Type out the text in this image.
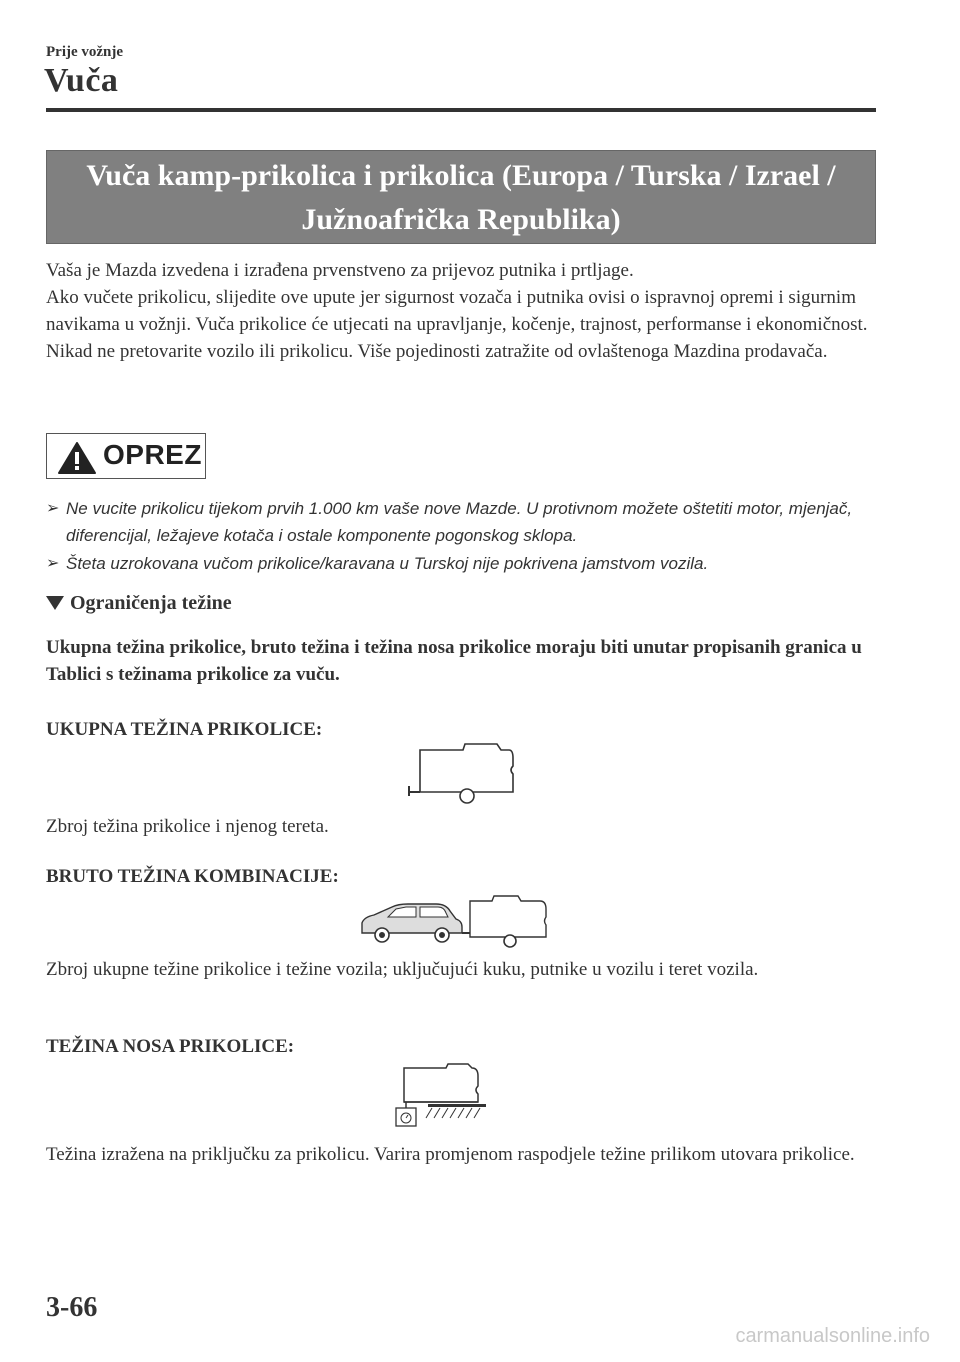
Prije vožnje
Vuča
Vuča kamp-prikolica i prikolica (Europa / Turska / Izrael /
Južnoafrička Republika)
Vaša je Mazda izvedena i izrađena prvenstveno za prijevoz putnika i prtljage.
Ako vučete prikolicu, slijedite ove upute jer sigurnost vozača i putnika ovisi o ispravnoj opremi i sigurnim navikama u vožnji. Vuča prikolice će utjecati na upravljanje, kočenje, trajnost, performanse i ekonomičnost.
Nikad ne pretovarite vozilo ili prikolicu. Više pojedinosti zatražite od ovlaštenoga Mazdina prodavača.
OPREZ
➢ Ne vucite prikolicu tijekom prvih 1.000 km vaše nove Mazde. U protivnom možete oštetiti motor, mjenjač, diferencijal, ležajeve kotača i ostale komponente pogonskog sklopa.
➢ Šteta uzrokovana vučom prikolice/karavana u Turskoj nije pokrivena jamstvom vozila.
Ograničenja težine
Ukupna težina prikolice, bruto težina i težina nosa prikolice moraju biti unutar propisanih granica u Tablici s težinama prikolice za vuču.
UKUPNA TEŽINA PRIKOLICE:
Zbroj težina prikolice i njenog tereta.
BRUTO TEŽINA KOMBINACIJE:
Zbroj ukupne težine prikolice i težine vozila; uključujući kuku, putnike u vozilu i teret vozila.
TEŽINA NOSA PRIKOLICE:
Težina izražena na priključku za prikolicu. Varira promjenom raspodjele težine prilikom utovara prikolice.
3-66
carmanualsonline.info
